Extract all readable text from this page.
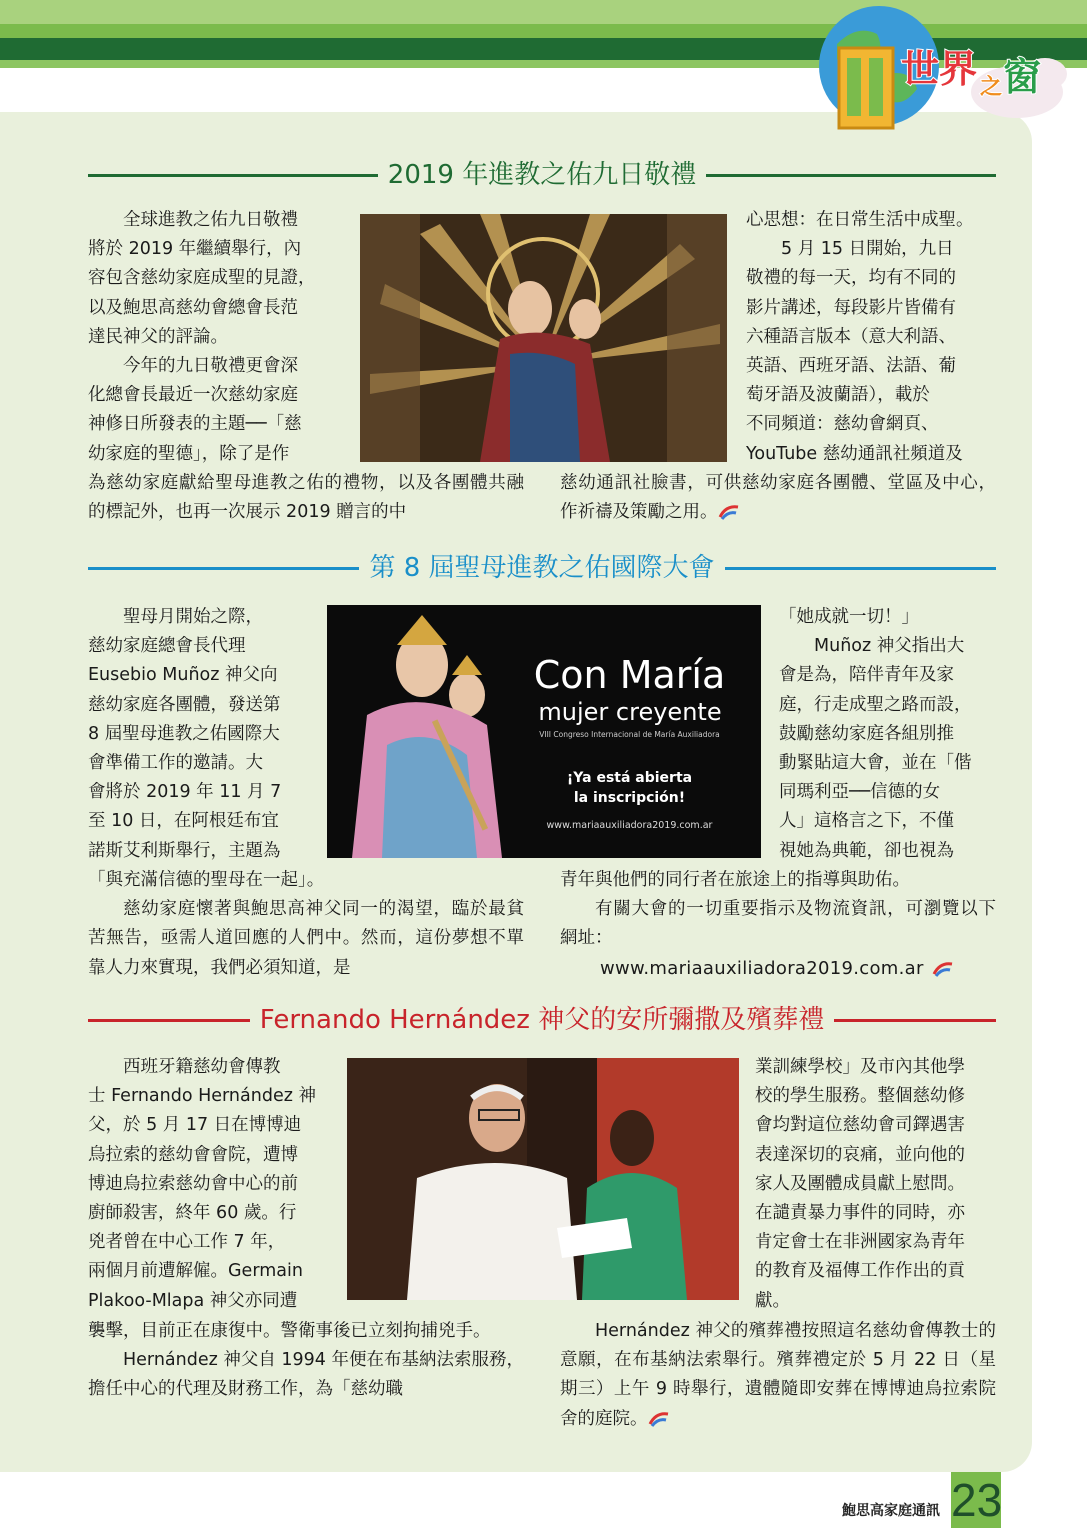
世界 之 窗
2019 年進教之佑九日敬禮

全球進教之佑九日敬禮

將於 2019 年繼續舉行，內

容包含慈幼家庭成聖的見證，

以及鮑思高慈幼會總會長范

達民神父的評論。

今年的九日敬禮更會深

化總會長最近一次慈幼家庭

神修日所發表的主題──「慈

幼家庭的聖德」，除了是作

心思想：在日常生活中成聖。

5 月 15 日開始，九日

敬禮的每一天，均有不同的

影片講述，每段影片皆備有

六種語言版本（意大利語、

英語、西班牙語、法語、葡

萄牙語及波蘭語），載於

不同頻道：慈幼會網頁、

YouTube 慈幼通訊社頻道及

為慈幼家庭獻給聖母進教之佑的禮物，以及各團體共融的標記外，也再一次展示 2019 贈言的中

慈幼通訊社臉書，可供慈幼家庭各團體、堂區及中心，作祈禱及策勵之用。

第 8 屆聖母進教之佑國際大會

聖母月開始之際，

慈幼家庭總會長代理

Eusebio Muñoz 神父向

慈幼家庭各團體，發送第

8 屆聖母進教之佑國際大

會準備工作的邀請。大

會將於 2019 年 11 月 7

至 10 日，在阿根廷布宜

諾斯艾利斯舉行，主題為

Con María
mujer creyente
VIII Congreso Internacional de María Auxiliadora
¡Ya está abierta
la inscripción!
www.mariaauxiliadora2019.com.ar

「她成就一切！」

Muñoz 神父指出大

會是為，陪伴青年及家

庭，行走成聖之路而設，

鼓勵慈幼家庭各組別推

動緊貼這大會，並在「偕

同瑪利亞──信德的女

人」這格言之下，不僅

視她為典範，卻也視為

「與充滿信德的聖母在一起」。

慈幼家庭懷著與鮑思高神父同一的渴望，臨於最貧苦無告，亟需人道回應的人們中。然而，這份夢想不單靠人力來實現，我們必須知道，是

青年與他們的同行者在旅途上的指導與助佑。

有關大會的一切重要指示及物流資訊，可瀏覽以下網址：

www.mariaauxiliadora2019.com.ar

Fernando Hernández 神父的安所彌撒及殯葬禮

西班牙籍慈幼會傳教

士 Fernando Hernández 神

父，於 5 月 17 日在博博迪

烏拉索的慈幼會會院，遭博

博迪烏拉索慈幼會中心的前

廚師殺害，終年 60 歲。行

兇者曾在中心工作 7 年，

兩個月前遭解僱。Germain

Plakoo-Mlapa 神父亦同遭

業訓練學校」及市內其他學

校的學生服務。整個慈幼修

會均對這位慈幼會司鐸遇害

表達深切的哀痛，並向他的

家人及團體成員獻上慰問。

在譴責暴力事件的同時，亦

肯定會士在非洲國家為青年

的教育及福傳工作作出的貢

獻。

襲擊，目前正在康復中。警衛事後已立刻拘捕兇手。

Hernández 神父自 1994 年便在布基納法索服務，擔任中心的代理及財務工作，為「慈幼職

Hernández 神父的殯葬禮按照這名慈幼會傳教士的意願，在布基納法索舉行。殯葬禮定於 5 月 22 日（星期三）上午 9 時舉行，遺體隨即安葬在博博迪烏拉索院舍的庭院。

鮑思高家庭通訊 23
